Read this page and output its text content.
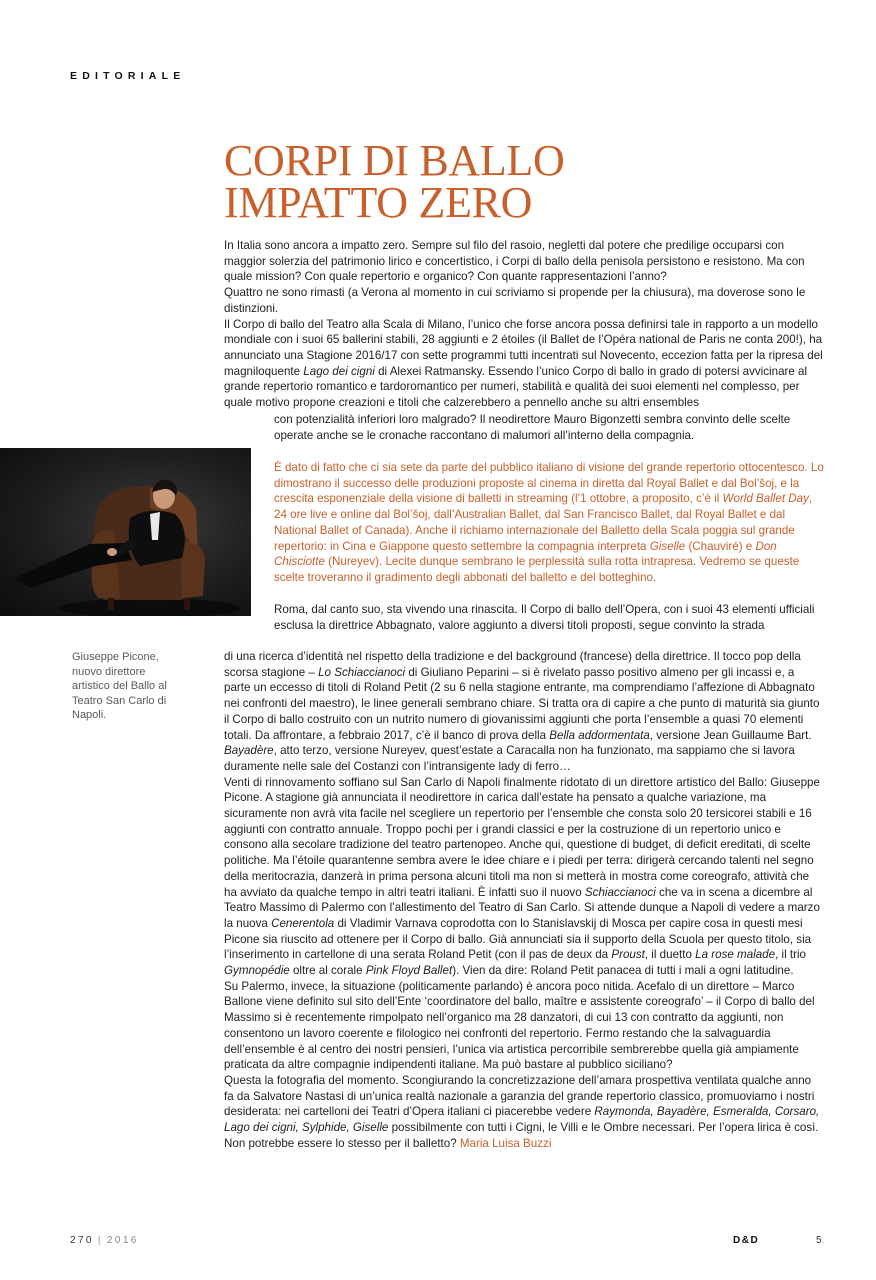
EDITORIALE
CORPI DI BALLO
IMPATTO ZERO

In Italia sono ancora a impatto zero. Sempre sul filo del rasoio, negletti dal potere che predilige occuparsi con maggior solerzia del patrimonio lirico e concertistico, i Corpi di ballo della penisola persistono e resistono. Ma con quale mission? Con quale repertorio e organico? Con quante rappresentazioni l’anno?

Quattro ne sono rimasti (a Verona al momento in cui scriviamo si propende per la chiusura), ma doverose sono le distinzioni.

Il Corpo di ballo del Teatro alla Scala di Milano, l’unico che forse ancora possa definirsi tale in rapporto a un modello mondiale con i suoi 65 ballerini stabili, 28 aggiunti e 2 étoiles (il Ballet de l’Opéra national de Paris ne conta 200!), ha annunciato una Stagione 2016/17 con sette programmi tutti incentrati sul Novecento, eccezion fatta per la ripresa del magniloquente Lago dei cigni di Alexei Ratmansky. Essendo l’unico Corpo di ballo in grado di potersi avvicinare al grande repertorio romantico e tardoromantico per numeri, stabilità e qualità dei suoi elementi nel complesso, per quale motivo propone creazioni e titoli che calzerebbero a pennello anche su altri ensembles

con potenzialità inferiori loro malgrado? Il neodirettore Mauro Bigonzetti sembra convinto delle scelte operate anche se le cronache raccontano di malumori all’interno della compagnia.

È dato di fatto che ci sia sete da parte del pubblico italiano di visione del grande repertorio ottocentesco. Lo dimostrano il successo delle produzioni proposte al cinema in diretta dal Royal Ballet e dal Bol’šoj, e la crescita esponenziale della visione di balletti in streaming (l’1 ottobre, a proposito, c’è il World Ballet Day, 24 ore live e online dal Bol’šoj, dall’Australian Ballet, dal San Francisco Ballet, dal Royal Ballet e dal National Ballet of Canada). Anche il richiamo internazionale del Balletto della Scala poggia sul grande repertorio: in Cina e Giappone questo settembre la compagnia interpreta Giselle (Chauviré) e Don Chisciotte (Nureyev). Lecite dunque sembrano le perplessità sulla rotta intrapresa. Vedremo se queste scelte troveranno il gradimento degli abbonati del balletto e del botteghino.

Roma, dal canto suo, sta vivendo una rinascita. Il Corpo di ballo dell’Opera, con i suoi 43 elementi ufficiali esclusa la direttrice Abbagnato, valore aggiunto a diversi titoli proposti, segue convinto la strada

Giuseppe Picone, nuovo direttore artistico del Ballo al Teatro San Carlo di Napoli.

di una ricerca d’identità nel rispetto della tradizione e del background (francese) della direttrice. Il tocco pop della scorsa stagione – Lo Schiaccianoci di Giuliano Peparini – si è rivelato passo positivo almeno per gli incassi e, a parte un eccesso di titoli di Roland Petit (2 su 6 nella stagione entrante, ma comprendiamo l’affezione di Abbagnato nei confronti del maestro), le linee generali sembrano chiare. Si tratta ora di capire a che punto di maturità sia giunto il Corpo di ballo costruito con un nutrito numero di giovanissimi aggiunti che porta l’ensemble a quasi 70 elementi totali. Da affrontare, a febbraio 2017, c’è il banco di prova della Bella addormentata, versione Jean Guillaume Bart. Bayadère, atto terzo, versione Nureyev, quest’estate a Caracalla non ha funzionato, ma sappiamo che si lavora duramente nelle sale del Costanzi con l’intransigente lady di ferro…

Venti di rinnovamento soffiano sul San Carlo di Napoli finalmente ridotato di un direttore artistico del Ballo: Giuseppe Picone. A stagione già annunciata il neodirettore in carica dall’estate ha pensato a qualche variazione, ma sicuramente non avrà vita facile nel scegliere un repertorio per l’ensemble che consta solo 20 tersicorei stabili e 16 aggiunti con contratto annuale. Troppo pochi per i grandi classici e per la costruzione di un repertorio unico e consono alla secolare tradizione del teatro partenopeo. Anche qui, questione di budget, di deficit ereditati, di scelte politiche. Ma l’étoile quarantenne sembra avere le idee chiare e i piedi per terra: dirigerà cercando talenti nel segno della meritocrazia, danzerà in prima persona alcuni titoli ma non si metterà in mostra come coreografo, attività che ha avviato da qualche tempo in altri teatri italiani. È infatti suo il nuovo Schiaccianoci che va in scena a dicembre al Teatro Massimo di Palermo con l’allestimento del Teatro di San Carlo. Si attende dunque a Napoli di vedere a marzo la nuova Cenerentola di Vladimir Varnava coprodotta con lo Stanislavskij di Mosca per capire cosa in questi mesi Picone sia riuscito ad ottenere per il Corpo di ballo. Già annunciati sia il supporto della Scuola per questo titolo, sia l’inserimento in cartellone di una serata Roland Petit (con il pas de deux da Proust, il duetto La rose malade, il trio Gymnopédie oltre al corale Pink Floyd Ballet). Vien da dire: Roland Petit panacea di tutti i mali a ogni latitudine.

Su Palermo, invece, la situazione (politicamente parlando) è ancora poco nitida. Acefalo di un direttore – Marco Ballone viene definito sul sito dell’Ente ‘coordinatore del ballo, maître e assistente coreografo’ – il Corpo di ballo del Massimo si è recentemente rimpolpato nell’organico ma 28 danzatori, di cui 13 con contratto da aggiunti, non consentono un lavoro coerente e filologico nei confronti del repertorio. Fermo restando che la salvaguardia dell’ensemble è al centro dei nostri pensieri, l’unica via artistica percorribile sembrerebbe quella già ampiamente praticata da altre compagnie indipendenti italiane. Ma può bastare al pubblico siciliano?

Questa la fotografia del momento. Scongiurando la concretizzazione dell’amara prospettiva ventilata qualche anno fa da Salvatore Nastasi di un’unica realtà nazionale a garanzia del grande repertorio classico, promuoviamo i nostri desiderata: nei cartelloni dei Teatri d’Opera italiani ci piacerebbe vedere Raymonda, Bayadère, Esmeralda, Corsaro, Lago dei cigni, Sylphide, Giselle possibilmente con tutti i Cigni, le Villi e le Ombre necessari. Per l’opera lirica è così. Non potrebbe essere lo stesso per il balletto? Maria Luisa Buzzi

270 | 2016	D&D	5
